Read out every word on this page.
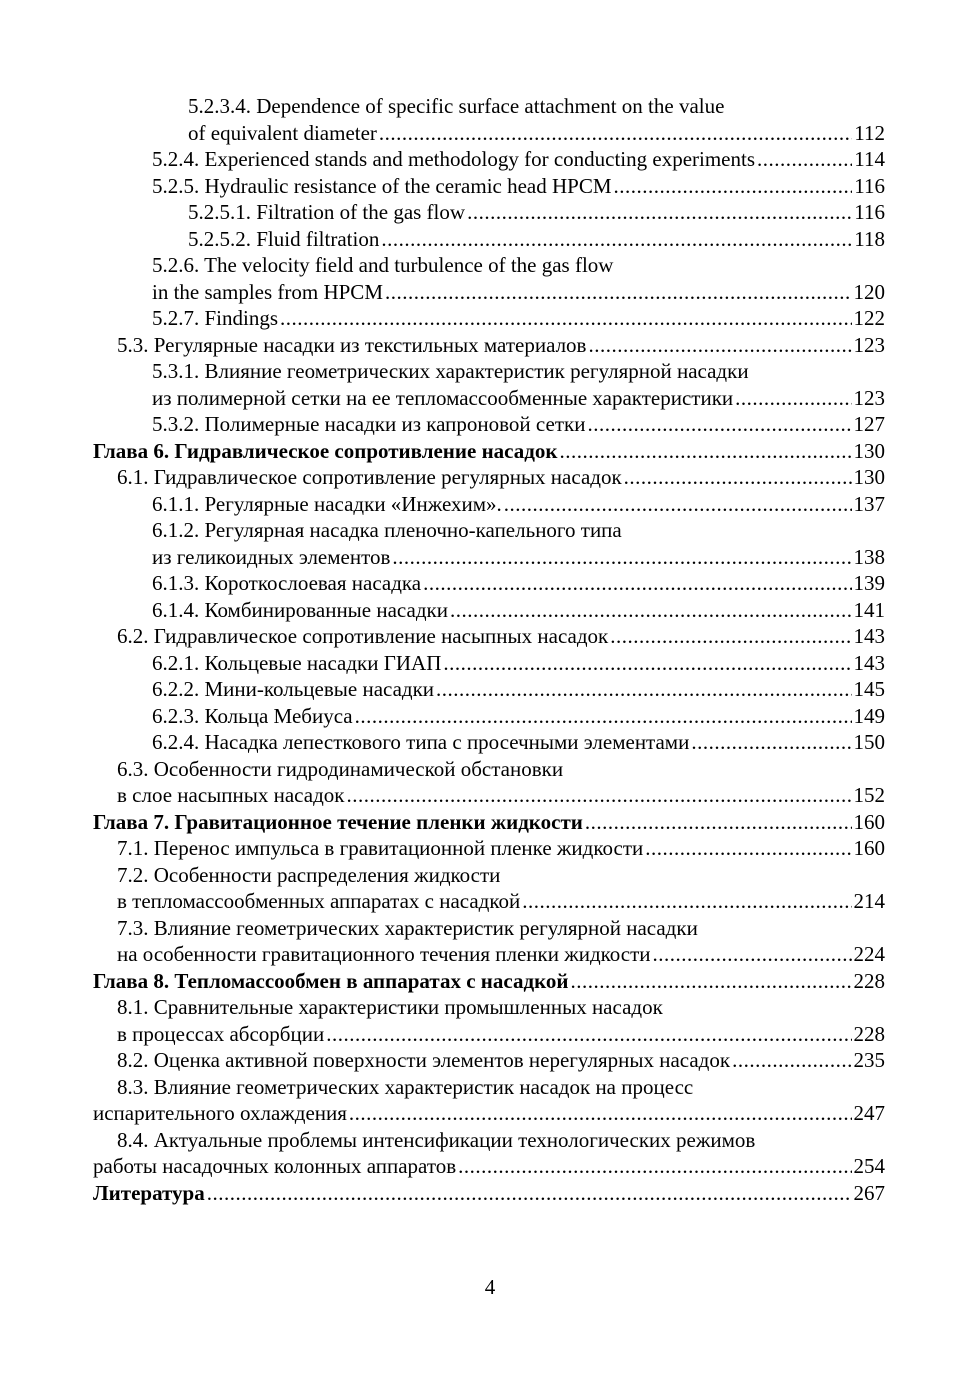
5.2.3.4. Dependence of specific surface attachment on the value
of equivalent diameter .....	112
5.2.4. Experienced stands and methodology for conducting experiments .....	114
5.2.5. Hydraulic resistance of the ceramic head HPCM .....	116
5.2.5.1. Filtration of the gas flow .....	116
5.2.5.2. Fluid filtration .....	118
5.2.6. The velocity field and turbulence of the gas flow
in the samples from HPCM .....	120
5.2.7. Findings .....	122
5.3. Регулярные насадки из текстильных материалов .....	123
5.3.1. Влияние геометрических характеристик регулярной насадки
из полимерной сетки на ее тепломассообменные характеристики .....	123
5.3.2. Полимерные насадки из капроновой сетки .....	127
Глава 6. Гидравлическое сопротивление насадок .....	130
6.1. Гидравлическое сопротивление регулярных насадок .....	130
6.1.1. Регулярные насадки «Инжехим». .....	137
6.1.2. Регулярная насадка пленочно-капельного типа
из геликоидных элементов .....	138
6.1.3. Короткослоевая насадка .....	139
6.1.4. Комбинированные насадки .....	141
6.2. Гидравлическое сопротивление насыпных насадок .....	143
6.2.1. Кольцевые насадки ГИАП .....	143
6.2.2. Мини-кольцевые насадки .....	145
6.2.3. Кольца Мебиуса .....	149
6.2.4. Насадка лепесткового типа с просечными элементами .....	150
6.3. Особенности гидродинамической обстановки
в слое насыпных насадок .....	152
Глава 7. Гравитационное течение пленки жидкости .....	160
7.1. Перенос импульса в гравитационной пленке жидкости .....	160
7.2. Особенности распределения жидкости
в тепломассообменных аппаратах с насадкой .....	214
7.3. Влияние геометрических характеристик регулярной насадки
на особенности гравитационного течения пленки жидкости .....	224
Глава 8. Тепломассообмен в аппаратах с насадкой .....	228
8.1. Сравнительные характеристики промышленных насадок
в процессах абсорбции .....	228
8.2. Оценка активной поверхности элементов нерегулярных насадок .....	235
8.3. Влияние геометрических характеристик насадок на процесс
испарительного охлаждения .....	247
8.4. Актуальные проблемы интенсификации технологических режимов
работы насадочных колонных аппаратов .....	254
Литература .....	267
4
